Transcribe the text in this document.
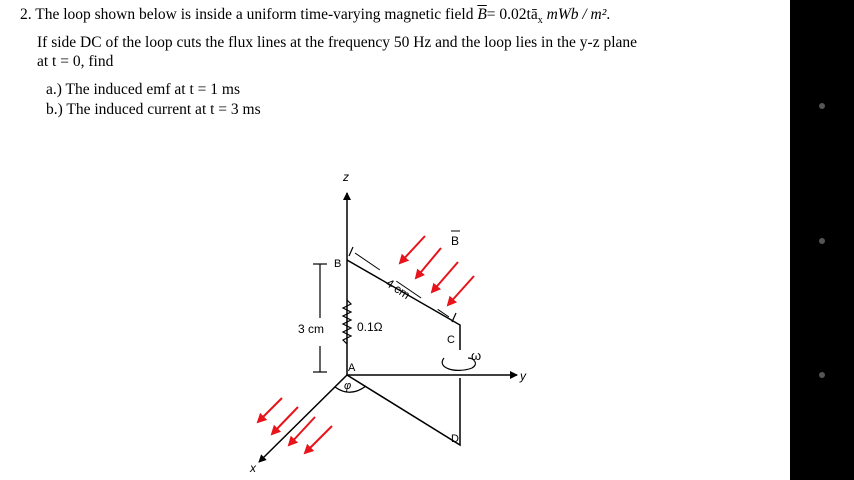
2. The loop shown below is inside a uniform time-varying magnetic field $\overline{B}=$ $0.02tā_x$ mWb / m².
If side DC of the loop cuts the flux lines at the frequency 50 Hz and the loop lies in the y-z plane
at t = 0, find
a.) The induced emf at t = 1 ms
b.) The induced current at t = 3 ms
z
y
x
0.1Ω
3 cm
4 cm
B
A
C
D
ω
φ
B
